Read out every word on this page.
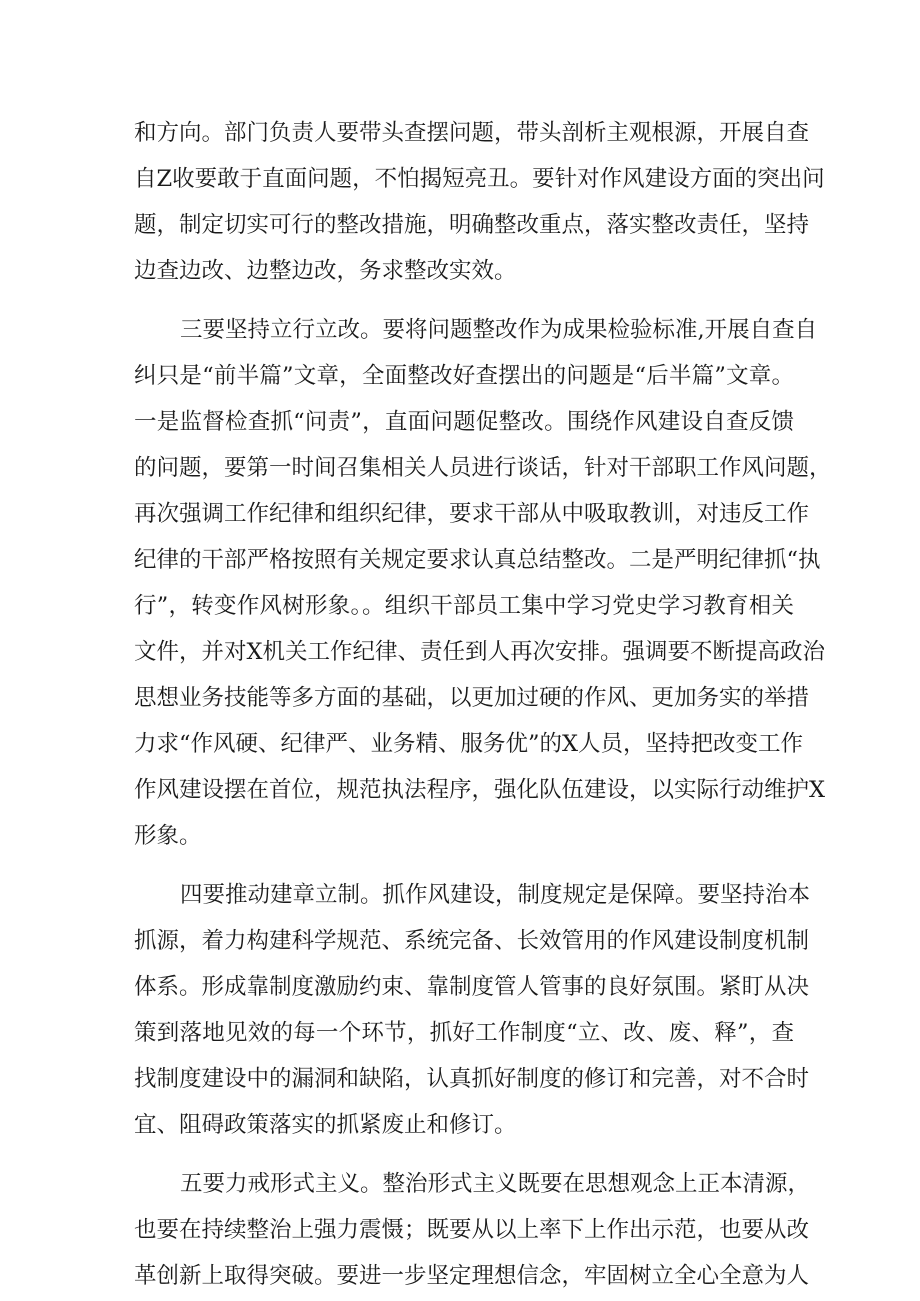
和方向。部门负责人要带头查摆问题，带头剖析主观根源，开展自查
自Z收要敢于直面问题，不怕揭短亮丑。要针对作风建设方面的突出问
题，制定切实可行的整改措施，明确整改重点，落实整改责任，坚持
边查边改、边整边改，务求整改实效。
三要坚持立行立改。要将问题整改作为成果检验标准,开展自查自
纠只是“前半篇”文章，全面整改好查摆出的问题是“后半篇”文章。
一是监督检查抓“问责”，直面问题促整改。围绕作风建设自查反馈
的问题，要第一时间召集相关人员进行谈话，针对干部职工作风问题，
再次强调工作纪律和组织纪律，要求干部从中吸取教训，对违反工作
纪律的干部严格按照有关规定要求认真总结整改。二是严明纪律抓“执
行”，转变作风树形象。。组织干部员工集中学习党史学习教育相关
文件，并对X机关工作纪律、责任到人再次安排。强调要不断提高政治
思想业务技能等多方面的基础，以更加过硬的作风、更加务实的举措
力求“作风硬、纪律严、业务精、服务优”的X人员，坚持把改变工作
作风建设摆在首位，规范执法程序，强化队伍建设，以实际行动维护X
形象。
四要推动建章立制。抓作风建设，制度规定是保障。要坚持治本
抓源，着力构建科学规范、系统完备、长效管用的作风建设制度机制
体系。形成靠制度激励约束、靠制度管人管事的良好氛围。紧盯从决
策到落地见效的每一个环节，抓好工作制度“立、改、废、释”，查
找制度建设中的漏洞和缺陷，认真抓好制度的修订和完善，对不合时
宜、阻碍政策落实的抓紧废止和修订。
五要力戒形式主义。整治形式主义既要在思想观念上正本清源，
也要在持续整治上强力震慑；既要从以上率下上作出示范，也要从改
革创新上取得突破。要进一步坚定理想信念，牢固树立全心全意为人
